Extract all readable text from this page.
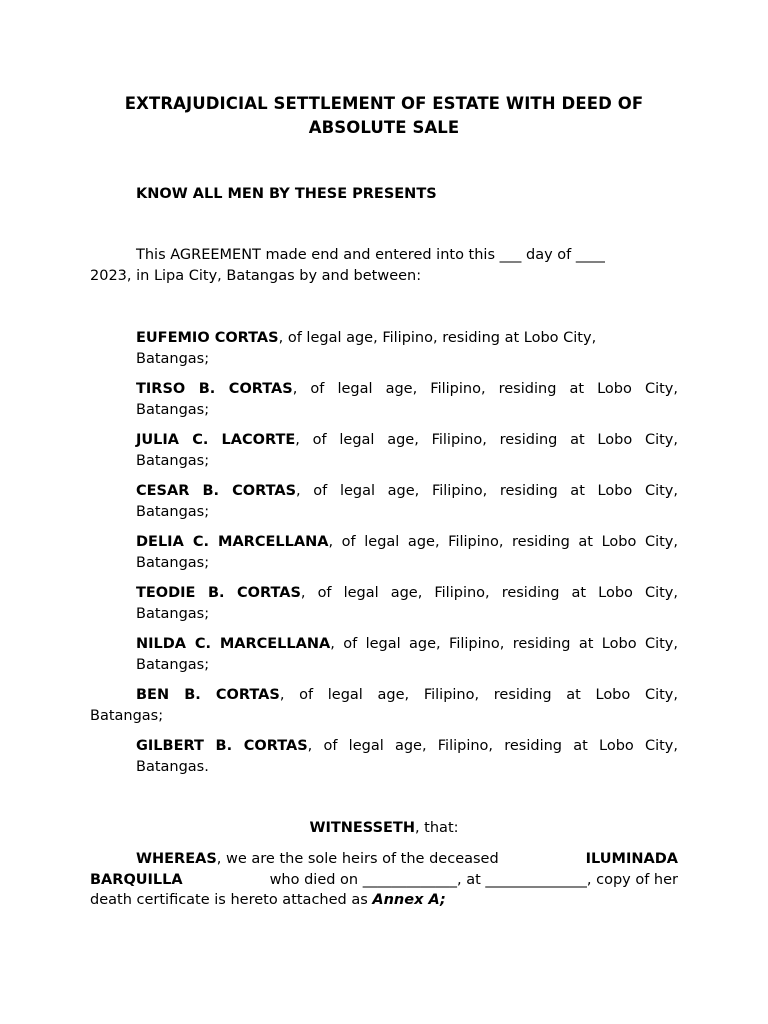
EXTRAJUDICIAL SETTLEMENT OF ESTATE WITH DEED OF
ABSOLUTE SALE
KNOW ALL MEN BY THESE PRESENTS
This AGREEMENT made end and entered into this ___ day of ____
2023, in Lipa City, Batangas by and between:
EUFEMIO CORTAS, of legal age, Filipino, residing at Lobo City,
Batangas;
TIRSO B. CORTAS, of legal age, Filipino, residing at Lobo City,
Batangas;
JULIA C. LACORTE, of legal age, Filipino, residing at Lobo City,
Batangas;
CESAR B. CORTAS, of legal age, Filipino, residing at Lobo City,
Batangas;
DELIA C. MARCELLANA, of legal age, Filipino, residing at Lobo City,
Batangas;
TEODIE B. CORTAS, of legal age, Filipino, residing at Lobo City,
Batangas;
NILDA C. MARCELLANA, of legal age, Filipino, residing at Lobo City,
Batangas;
BEN B. CORTAS, of legal age, Filipino, residing at Lobo City,
Batangas;
GILBERT B. CORTAS, of legal age, Filipino, residing at Lobo City,
Batangas.
WITNESSETH, that:
WHEREAS, we are the sole heirs of the deceased	ILUMINADA
BARQUILLA	who died on _____________, at ______________, copy of her
death certificate is hereto attached as Annex A;
